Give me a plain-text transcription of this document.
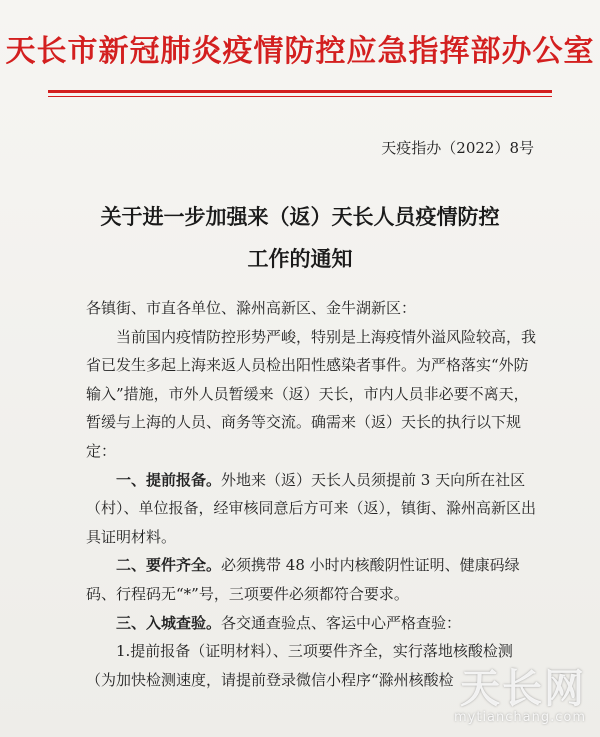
天长市新冠肺炎疫情防控应急指挥部办公室
天疫指办（2022）8号
关于进一步加强来（返）天长人员疫情防控
工作的通知

各镇街、市直各单位、滁州高新区、金牛湖新区：

当前国内疫情防控形势严峻，特别是上海疫情外溢风险较高，我省已发生多起上海来返人员检出阳性感染者事件。为严格落实“外防输入”措施，市外人员暂缓来（返）天长，市内人员非必要不离天，暂缓与上海的人员、商务等交流。确需来（返）天长的执行以下规定：

一、提前报备。外地来（返）天长人员须提前 3 天向所在社区（村）、单位报备，经审核同意后方可来（返），镇街、滁州高新区出具证明材料。

二、要件齐全。必须携带 48 小时内核酸阴性证明、健康码绿码、行程码无“*”号，三项要件必须都符合要求。

三、入城查验。各交通查验点、客运中心严格查验：

1.提前报备（证明材料）、三项要件齐全，实行落地核酸检测（为加快检测速度，请提前登录微信小程序“滁州核酸检 天长网
mytianchang.com
